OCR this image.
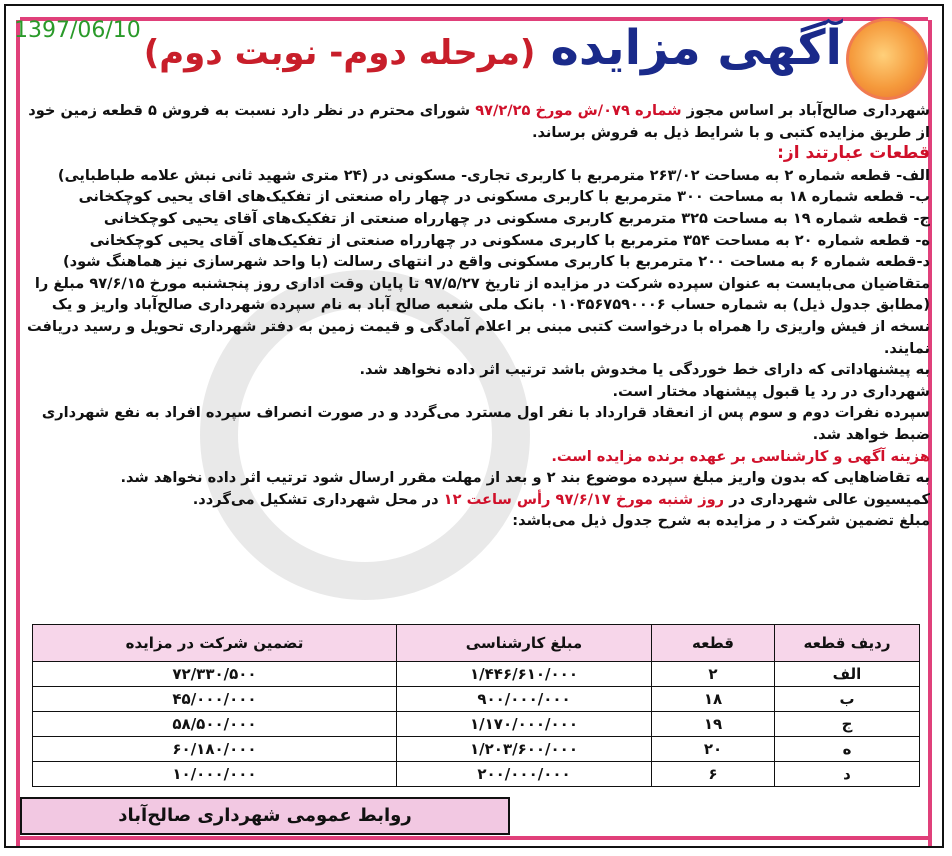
1397/06/10	آگهی مزایده (مرحله دوم- نوبت دوم)

شهرداری صالح‌آباد بر اساس مجوز شماره ۰۷۹/ش مورخ ۹۷/۲/۲۵ شورای محترم در نظر دارد نسبت به فروش ۵ قطعه زمین خود از طریق مزایده کتبی و با شرایط ذیل به فروش برساند.

قطعات عبارتند از:

الف- قطعه شماره ۲ به مساحت ۲۶۳/۰۲ مترمربع با کاربری تجاری- مسکونی در (۲۴ متری شهید ثانی نبش علامه طباطبایی)

ب- قطعه شماره ۱۸ به مساحت ۳۰۰ مترمربع با کاربری مسکونی در چهار راه صنعتی از تفکیک‌های اقای یحیی کوچکخانی

ج- قطعه شماره ۱۹ به مساحت ۳۲۵ مترمربع کاربری مسکونی در چهارراه صنعتی از تفکیک‌های آقای یحیی کوچکخانی

ه- قطعه شماره ۲۰ به مساحت ۳۵۴ مترمربع با کاربری مسکونی در چهارراه صنعتی از تفکیک‌های آقای یحیی کوچکخانی

د-قطعه شماره ۶ به مساحت ۲۰۰ مترمربع با کاربری مسکونی واقع در انتهای رسالت (با واحد شهرسازی نیز هماهنگ شود)

متقاضیان می‌بایست به عنوان سپرده شرکت در مزایده از تاریخ ۹۷/۵/۲۷ تا پایان وقت اداری روز پنجشنبه مورخ ۹۷/۶/۱۵ مبلغ را (مطابق جدول ذیل) به شماره حساب ۰۱۰۴۵۶۷۵۹۰۰۰۶ بانک ملی شعبه صالح آباد به نام سپرده شهرداری صالح‌آباد واریز و یک نسخه از فیش واریزی را همراه با درخواست کتبی مبنی بر اعلام آمادگی و قیمت زمین به دفتر شهرداری تحویل و رسید دریافت نمایند.

به پیشنهاداتی که دارای خط خوردگی یا مخدوش باشد ترتیب اثر داده نخواهد شد.

شهرداری در رد یا قبول پیشنهاد مختار است.

سپرده نفرات دوم و سوم پس از انعقاد قرارداد با نفر اول مسترد می‌گردد و در صورت انصراف سپرده افراد به نفع شهرداری ضبط خواهد شد.

هزینه آگهی و کارشناسی بر عهده برنده مزایده است.

به تقاضاهایی که بدون واریز مبلغ سپرده موضوع بند ۲ و بعد از مهلت مقرر ارسال شود ترتیب اثر داده نخواهد شد.

کمیسیون عالی شهرداری در روز شنبه مورخ ۹۷/۶/۱۷ رأس ساعت ۱۲ در محل شهرداری تشکیل می‌گردد.

مبلغ تضمین شرکت د ر مزایده به شرح جدول ذیل می‌باشد:

ردیف قطعه	قطعه	مبلغ کارشناسی	تضمین شرکت در مزایده
الف	۲	۱/۴۴۶/۶۱۰/۰۰۰	۷۲/۳۳۰/۵۰۰
ب	۱۸	۹۰۰/۰۰۰/۰۰۰	۴۵/۰۰۰/۰۰۰
ج	۱۹	۱/۱۷۰/۰۰۰/۰۰۰	۵۸/۵۰۰/۰۰۰
ه	۲۰	۱/۲۰۳/۶۰۰/۰۰۰	۶۰/۱۸۰/۰۰۰
د	۶	۲۰۰/۰۰۰/۰۰۰	۱۰/۰۰۰/۰۰۰
روابط عمومی شهرداری صالح‌آباد
